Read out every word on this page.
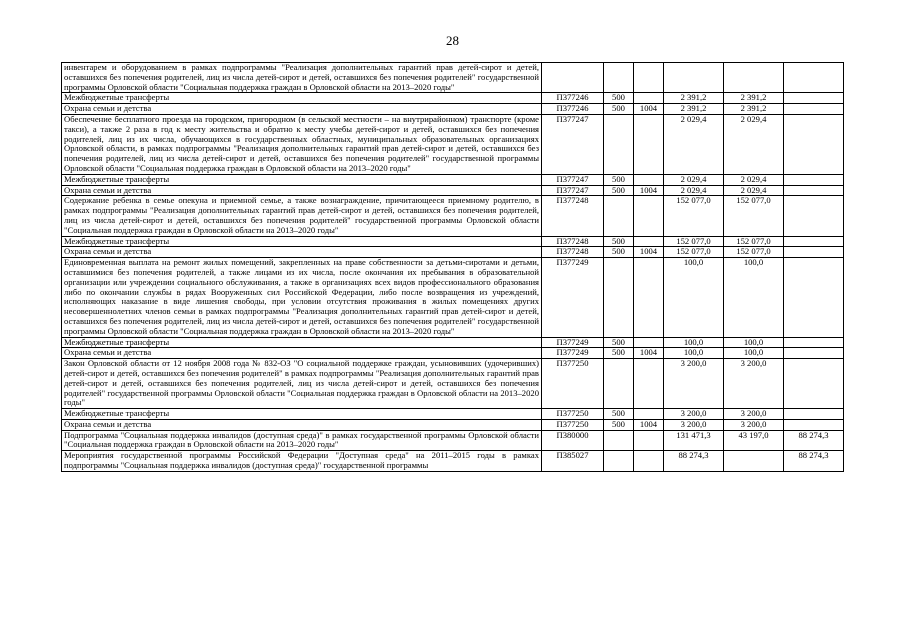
28
инвентарем и оборудованием в рамках подпрограммы "Реализация дополнительных гарантий прав детей-сирот и детей, оставшихся без попечения родителей, лиц из числа детей-сирот и детей, оставшихся без попечения родителей" государственной программы Орловской области "Социальная поддержка граждан в Орловской области на 2013–2020 годы"						
Межбюджетные трансферты	П377246	500		2 391,2	2 391,2	
Охрана семьи и детства	П377246	500	1004	2 391,2	2 391,2	
Обеспечение бесплатного проезда на городском, пригородном (в сельской местности – на внутрирайонном) транспорте (кроме такси), а также 2 раза в год к месту жительства и обратно к месту учебы детей-сирот и детей, оставшихся без попечения родителей, лиц из их числа, обучающихся в государственных областных, муниципальных образовательных организациях Орловской области, в рамках подпрограммы "Реализация дополнительных гарантий прав детей-сирот и детей, оставшихся без попечения родителей, лиц из числа детей-сирот и детей, оставшихся без попечения родителей" государственной программы Орловской области "Социальная поддержка граждан в Орловской области на 2013–2020 годы"	П377247			2 029,4	2 029,4	
Межбюджетные трансферты	П377247	500		2 029,4	2 029,4	
Охрана семьи и детства	П377247	500	1004	2 029,4	2 029,4	
Содержание ребенка в семье опекуна и приемной семье, а также вознаграждение, причитающееся приемному родителю, в рамках подпрограммы "Реализация дополнительных гарантий прав детей-сирот и детей, оставшихся без попечения родителей, лиц из числа детей-сирот и детей, оставшихся без попечения родителей" государственной программы Орловской области "Социальная поддержка граждан в Орловской области на 2013–2020 годы"	П377248			152 077,0	152 077,0	
Межбюджетные трансферты	П377248	500		152 077,0	152 077,0	
Охрана семьи и детства	П377248	500	1004	152 077,0	152 077,0	
Единовременная выплата на ремонт жилых помещений, закрепленных на праве собственности за детьми-сиротами и детьми, оставшимися без попечения родителей, а также лицами из их числа, после окончания их пребывания в образовательной организации или учреждении социального обслуживания, а также в организациях всех видов профессионального образования либо по окончании службы в рядах Вооруженных сил Российской Федерации, либо после возвращения из учреждений, исполняющих наказание в виде лишения свободы, при условии отсутствия проживания в жилых помещениях других несовершеннолетних членов семьи в рамках подпрограммы "Реализация дополнительных гарантий прав детей-сирот и детей, оставшихся без попечения родителей, лиц из числа детей-сирот и детей, оставшихся без попечения родителей" государственной программы Орловской области "Социальная поддержка граждан в Орловской области на 2013–2020 годы"	П377249			100,0	100,0	
Межбюджетные трансферты	П377249	500		100,0	100,0	
Охрана семьи и детства	П377249	500	1004	100,0	100,0	
Закон Орловской области от 12 ноября 2008 года № 832-ОЗ "О социальной поддержке граждан, усыновивших (удочеривших) детей-сирот и детей, оставшихся без попечения родителей" в рамках подпрограммы "Реализация дополнительных гарантий прав детей-сирот и детей, оставшихся без попечения родителей, лиц из числа детей-сирот и детей, оставшихся без попечения родителей" государственной программы Орловской области "Социальная поддержка граждан в Орловской области на 2013–2020 годы"	П377250			3 200,0	3 200,0	
Межбюджетные трансферты	П377250	500		3 200,0	3 200,0	
Охрана семьи и детства	П377250	500	1004	3 200,0	3 200,0	
Подпрограмма "Социальная поддержка инвалидов (доступная среда)" в рамках государственной программы Орловской области "Социальная поддержка граждан в Орловской области на 2013–2020 годы"	П380000			131 471,3	43 197,0	88 274,3
Мероприятия государственной программы Российской Федерации "Доступная среда" на 2011–2015 годы в рамках подпрограммы "Социальная поддержка инвалидов (доступная среда)" государственной программы	П385027			88 274,3		88 274,3
